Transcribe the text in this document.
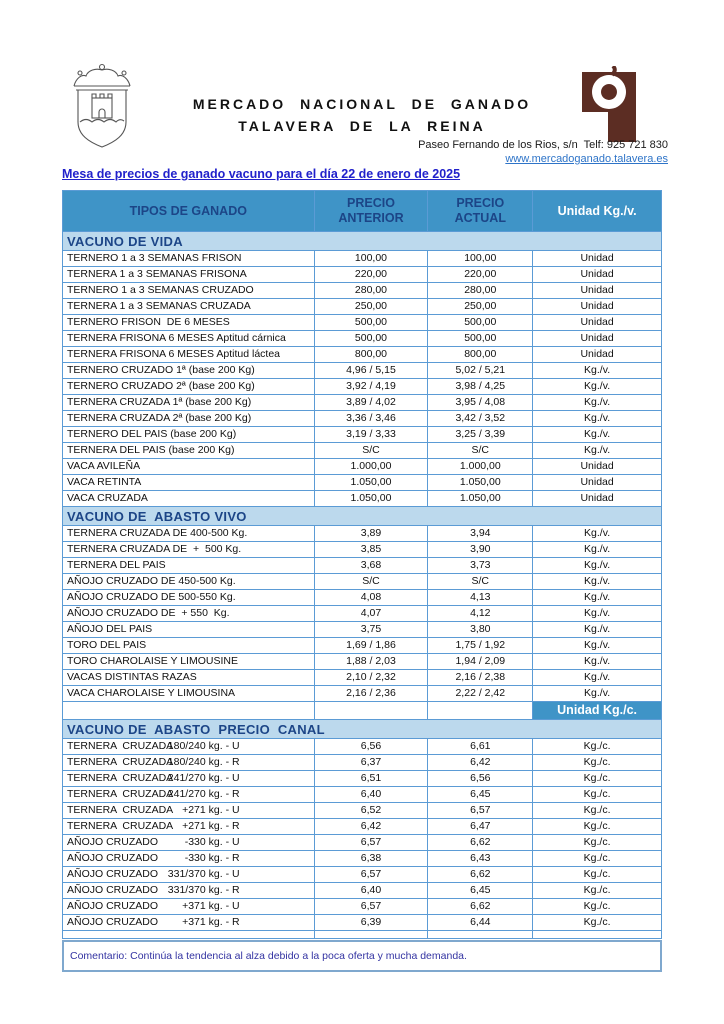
MERCADO NACIONAL DE GANADO
TALAVERA DE LA REINA
Paseo Fernando de los Rios, s/n  Telf: 925 721 830
www.mercadoganado.talavera.es
Mesa de precios de ganado vacuno para el día 22 de enero de 2025
TIPOS DE GANADO	PRECIO ANTERIOR	PRECIO ACTUAL	Unidad Kg./v.
VACUNO DE VIDA			
TERNERO 1 a 3 SEMANAS FRISON	100,00	100,00	Unidad
TERNERA 1 a 3 SEMANAS FRISONA	220,00	220,00	Unidad
TERNERO 1 a 3 SEMANAS CRUZADO	280,00	280,00	Unidad
TERNERA 1 a 3 SEMANAS CRUZADA	250,00	250,00	Unidad
TERNERO FRISON  DE 6 MESES	500,00	500,00	Unidad
TERNERA FRISONA 6 MESES Aptitud cárnica	500,00	500,00	Unidad
TERNERA FRISONA 6 MESES Aptitud láctea	800,00	800,00	Unidad
TERNERO CRUZADO 1ª (base 200 Kg)	4,96 / 5,15	5,02 / 5,21	Kg./v.
TERNERO CRUZADO 2ª (base 200 Kg)	3,92 / 4,19	3,98 / 4,25	Kg./v.
TERNERA CRUZADA 1ª (base 200 Kg)	3,89 / 4,02	3,95 / 4,08	Kg./v.
TERNERA CRUZADA 2ª (base 200 Kg)	3,36 / 3,46	3,42 / 3,52	Kg./v.
TERNERO DEL PAIS (base 200 Kg)	3,19 / 3,33	3,25 / 3,39	Kg./v.
TERNERA DEL PAIS (base 200 Kg)	S/C	S/C	Kg./v.
VACA AVILEÑA	1.000,00	1.000,00	Unidad
VACA RETINTA	1.050,00	1.050,00	Unidad
VACA CRUZADA	1.050,00	1.050,00	Unidad
VACUNO DE  ABASTO VIVO			
TERNERA CRUZADA DE 400-500 Kg.	3,89	3,94	Kg./v.
TERNERA CRUZADA DE  +  500 Kg.	3,85	3,90	Kg./v.
TERNERA DEL PAIS	3,68	3,73	Kg./v.
AÑOJO CRUZADO DE 450-500 Kg.	S/C	S/C	Kg./v.
AÑOJO CRUZADO DE 500-550 Kg.	4,08	4,13	Kg./v.
AÑOJO CRUZADO DE  + 550  Kg.	4,07	4,12	Kg./v.
AÑOJO DEL PAIS	3,75	3,80	Kg./v.
TORO DEL PAIS	1,69 / 1,86	1,75 / 1,92	Kg./v.
TORO CHAROLAISE Y LIMOUSINE	1,88 / 2,03	1,94 / 2,09	Kg./v.
VACAS DISTINTAS RAZAS	2,10 / 2,32	2,16 / 2,38	Kg./v.
VACA CHAROLAISE Y LIMOUSINA	2,16 / 2,36	2,22 / 2,42	Kg./v.
			Unidad Kg./c.
VACUNO DE  ABASTO  PRECIO  CANAL			
TERNERA  CRUZADA
180/240 kg. - U	6,56	6,61	Kg./c.
TERNERA  CRUZADA
180/240 kg. - R	6,37	6,42	Kg./c.
TERNERA  CRUZADA
241/270 kg. - U	6,51	6,56	Kg./c.
TERNERA  CRUZADA
241/270 kg. - R	6,40	6,45	Kg./c.
TERNERA  CRUZADA +271 kg. - U	6,52	6,57	Kg./c.
TERNERA  CRUZADA +271 kg. - R	6,42	6,47	Kg./c.
AÑOJO CRUZADO -330 kg. - U	6,57	6,62	Kg./c.
AÑOJO CRUZADO -330 kg. - R	6,38	6,43	Kg./c.
AÑOJO CRUZADO 331/370 kg. - U	6,57	6,62	Kg./c.
AÑOJO CRUZADO 331/370 kg. - R	6,40	6,45	Kg./c.
AÑOJO CRUZADO +371 kg. - U	6,57	6,62	Kg./c.
AÑOJO CRUZADO +371 kg. - R	6,39	6,44	Kg./c.

Comentario: Continúa la tendencia al alza debido a la poca oferta y mucha demanda.
